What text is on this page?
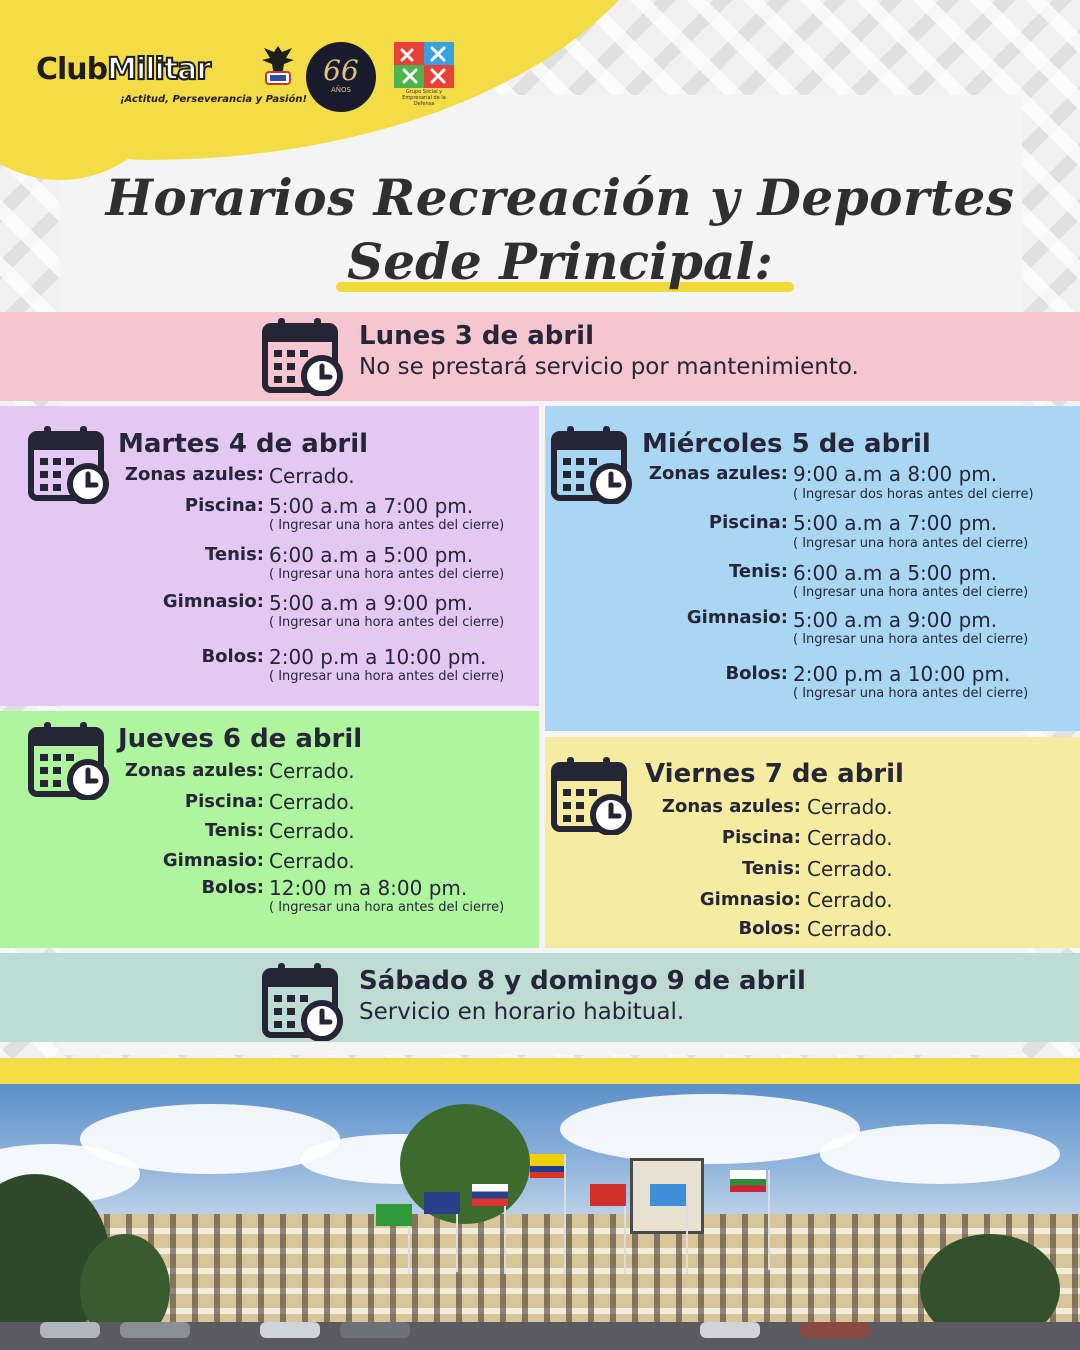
ClubMilitar
¡Actitud, Perseverancia y Pasión!
66
AÑOS	Grupo Social y Empresarial de la Defensa
Horarios Recreación y Deportes
Sede Principal:
Lunes 3 de abril
No se prestará servicio por mantenimiento.
Martes 4 de abril
Zonas azules: Cerrado.
Piscina: 5:00 a.m a 7:00 pm.
( Ingresar una hora antes del cierre)
Tenis: 6:00 a.m a 5:00 pm.
( Ingresar una hora antes del cierre)
Gimnasio: 5:00 a.m a 9:00 pm.
( Ingresar una hora antes del cierre)
Bolos: 2:00 p.m a 10:00 pm.
( Ingresar una hora antes del cierre)
Miércoles 5 de abril
Zonas azules: 9:00 a.m a 8:00 pm.
( Ingresar dos horas antes del cierre)
Piscina: 5:00 a.m a 7:00 pm.
( Ingresar una hora antes del cierre)
Tenis: 6:00 a.m a 5:00 pm.
( Ingresar una hora antes del cierre)
Gimnasio: 5:00 a.m a 9:00 pm.
( Ingresar una hora antes del cierre)
Bolos: 2:00 p.m a 10:00 pm.
( Ingresar una hora antes del cierre)
Jueves 6 de abril
Zonas azules: Cerrado.
Piscina: Cerrado.
Tenis: Cerrado.
Gimnasio: Cerrado.
Bolos: 12:00 m a 8:00 pm.
( Ingresar una hora antes del cierre)
Viernes 7 de abril
Zonas azules: Cerrado.
Piscina: Cerrado.
Tenis: Cerrado.
Gimnasio: Cerrado.
Bolos: Cerrado.
Sábado 8 y domingo 9 de abril
Servicio en horario habitual.
